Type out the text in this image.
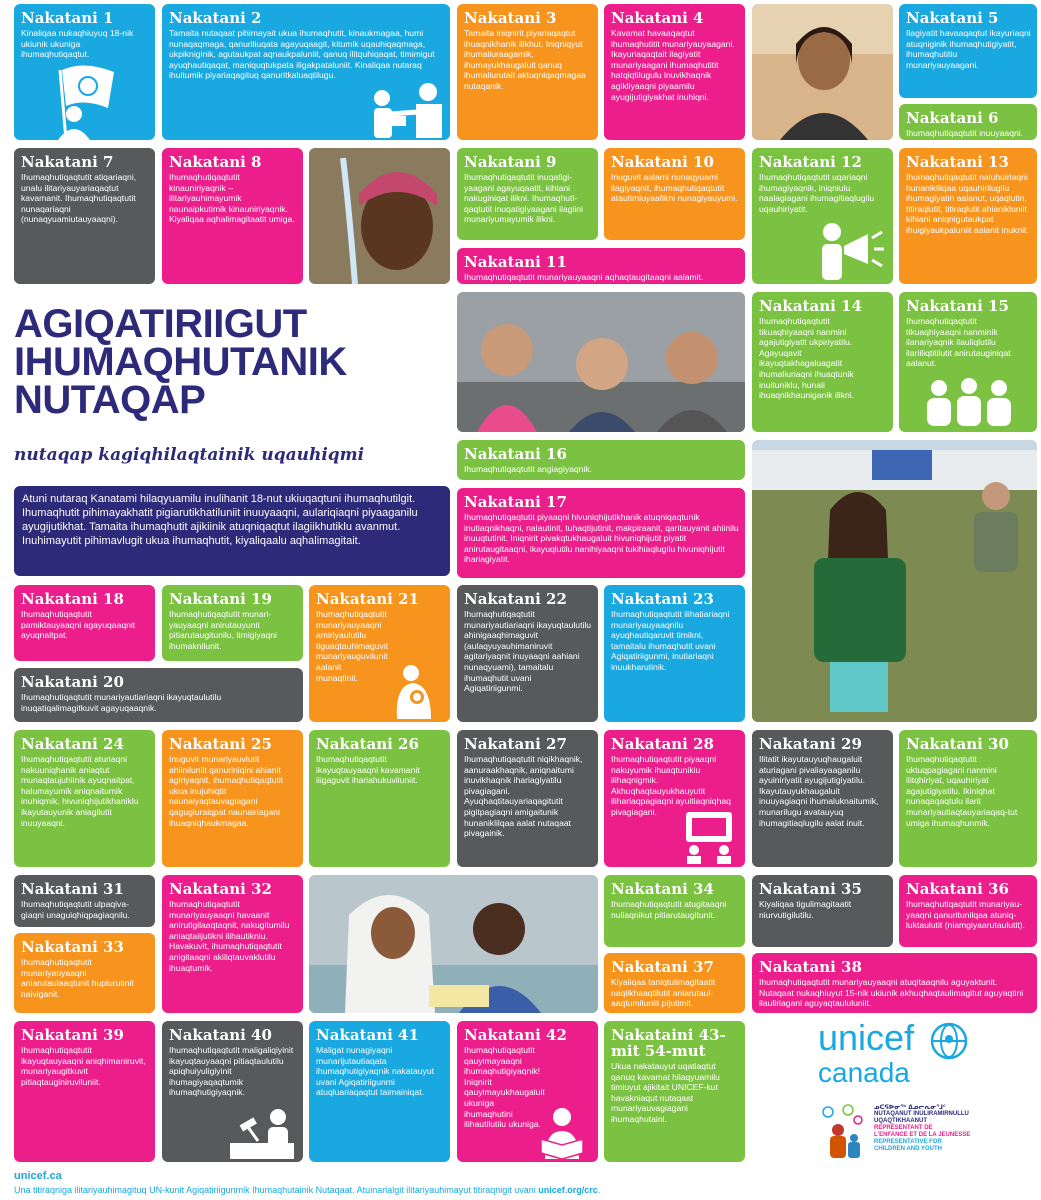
Nakatani 1

Kinaliqaa nukaqhiuyuq 18-nik ukiunik ukuniga ihumaqhutiqaqtut.

Nakatani 2

Tamaita nutaqaat pihimayait ukua ihumaqhutit, kinaukmagaa, humi nunaqaqmaga, qanuriliuqata agayuqaagit, kitumik uqauhiqaqmaga, ukpikniginik, agutaukpat aqnaukpaluniit, qanuq ilitquhiqaqat, timimigut ayuqhautiqaqat, maniquqtukpata iligakpataluniit. Kinaliqaa nutaraq ihuitumik piyariaqagituq qanuritkaluaqtilugu.

Nakatani 3

Tamaita iniqnirit piyariaqaqtut ihuaqnikhanik ilikhut. Iniqniqyut ihumaliuraagamik, ihumayukhaugaluit qanuq ihumaliurutait aktuqniqaqmagaa nutaqanik.

Nakatani 4

Kavamat havaaqaqtut ihumaqhutitit munariyauyaagani. Ikayuriaqaqtait ilagiyatit munariyaagani ihumaqhutitit hatqiqtilugulu inuvikhaqnik agikliyaaqni piyaamilu ayugijutigiyakhat inuhiqni.

Nakatani 5

Ilagiyatit havaaqaqtut ikayuriaqni atuqniginik ihumaqhutigiyatit, ihumaqhutitiu munariyauyaagani.

Nakatani 6

Ihumaqhutiqaqtutit inuuyaaqni.

Nakatani 7

Ihumaqhutiqaqtutit atiqariaqni, unalu ilitariyauyariaqaqtut kavamanit. Ihumaqhutiqaqtutit nunaqariaqni (nunaqyuamiutauyaaqni).

Nakatani 8

Ihumaqhutiqaqtutit kinauniriyaqnik – ilitariyauhimayumik naunaipkutimik kinauniriyaqnik. Kiyaliqaa aqhalimagitaatit umiga.

Nakatani 9

Ihumaqhutiqaqtutit inuqatigi-yaagani agayuqaatit, kihiani nakuginiqat ilikni. Ihumaqhuti-qaqtutit inuqatigiyaagani ilagiini munariyumayumik ilikni.

Nakatani 10

Inuguvit aalami nunaqyuami ilagiyaqnit, ihumaqhutiqaqtutit atautimiuyaafikni nunagiyauyumi.

Nakatani 11

Ihumaqhutiqaqtutit munariyauyaaqni aqhaqtaugitaaqni aalamit.

Nakatani 12

Ihumaqhutiqaqtutit uqariaqni ihumagiyaqnik, iniqniulu naalagiagani ihumagitiaqlugilu uqauhiriyatit.

Nakatani 13

Ihumaqhutiqaqtutit naluhuiriaqni hunaniklilqaa uqauhirilugilu ihumagiyatin aalanut, uqaqlutin, titiraqlutit, titiraqlutit ahianikluniit kihiani aniqnigutaukpat ihuigiyaukpaluniit aalanit inuknit.

AGIQATIRIIGUT
IHUMAQHUTANIK
NUTAQAP
nutaqap kagiqhilaqtainik uqauhiqmi
Nakatani 14

Ihumaqhutiqaqtutit tikuaqhiyaaqni nanmini agajutigiyatit ukpiriyatilu. Agayuqavit ikayuqtakhagaluagatit ihumaliuriaqni ihuaqtunik inuituniklu, hunali ihuaqnikhauniganik ilikni.

Nakatani 15

Ihumaqhutiqaqtutit tikuaqhiyaaqni nanminik ilanariyaqnik ilauliqlutilu ilariiliqtitilutit anirutauginiqat aalanut.

Nakatani 16

Ihumaqhutiqaqtutit angiagiyaqnik.

Atuni nutaraq Kanatami hilaqyuamilu inulihanit 18-nut ukiuqaqtuni ihumaqhutilgit. Ihumaqhutit pihimayakhatit pigiarutikhatiluniit inuuyaaqni, aulariqiaqni piyaaganilu ayugijutikhat. Tamaita ihumaqhutit ajikiinik atuqniqaqtut ilagiikhutiklu avanmut. Inuhimayutit pihimavlugit ukua ihumaqhutit, kiyaliqaalu aqhalimagitait.
Nakatani 17

Ihumaqhutiqaqtutit piyaaqni hivuniqhijutikhanik atuqniqaqtunik inutiaqnikhaqni, nalautinit, tuhaqtijutinit, makpiraanit, qaritauyanit ahiinilu inuuqtutinit. Iniqnirit pivakqtukhaugaluit hivuniqhijutit piyatit anirutaugitaaqni, ikayuqlutilu nanihiyaaqni tukihiaqlugilu hivuniqhijutit ihariagiyatit.

Nakatani 18

Ihumaqhutiqaqtutit pamiktauyaaqni agayuqaaqnit ayuqnaitpat.

Nakatani 19

Ihumaqhutiqaqtutit munari-yauyaaqni anirutauyunit pitiarutaugitunilu, timigiyaqni ihumaknilunit.

Nakatani 20

Ihumaqhutiqaqtutit munariyautiariaqni ikayuqtaulutilu inuqatiqalimagitkuvit agayuqaaqnik.

Nakatani 21

Ihumaqhutiqaqtutit munariyauyaaqni amiriyaulutilu tiguaqtauhimaguvit munariyauguvilunit aalanit munaqtinit.

Nakatani 22

Ihumaqhutiqaqtutit munariyautiariaqni ikayuqtaulutilu ahinigaaqhimaguvit (aulaqyuyauhimaniruvit agitariyaqnit inuyaaqni aahiani nunaqyuami), tamaitalu ihumaqhutit uvani Agiqatiriigunmi.

Nakatani 23

Ihumaqhutiqaqtutit ilihatiariaqni munariyauyaaqnilu ayuqhautiqaruvit timikni, tamaitalu ihumaqhutit uvani Agiqatiriigunmi, inutiariaqni inuukharutinik.

Nakatani 24

Ihumaqhutiqaqtutit aturiaqni nakuuniqhanik aniaqtut munaqtaujuhiinik ayuqnaitpat, halumayumik aniqnaitumik inuhiqmik, hivuniqhijutikhaniklu ikayutauyunik aniagilutit inuuyaaqni.

Nakatani 25

Inuguvit munariyauvlutit ahiiniluniit qanuriniqini ahianit agiriyaqnit, ihumaqhutiqaqtutit ukua inujuhiqtit naunaiyaqtauvagiagani qagugiuraiqpat naunairiagani ihuaqniqhaukmagaa.

Nakatani 26

Ihumaqhutiqaqtutit ikayuqtauyaaqni kavamanit iligaguvit ihariahukuviluniit.

Nakatani 27

Ihumaqhutiqaqtutit niqikhaqnik, aanuraakhaqnik, aniqnaitumi inuvikhaqnik ihariagiyatilu pivagiagani. Ayuqhaqtitauyariaqagitutit pigitpagiaqni amigaitunik hunaniklilqaa aalat nutaqaat pivagainik.

Nakatani 28

Ihumaqhutiqaqtutit piyaaqni nakuyumik ihuaqtunikiu ilihaqnigmik. Akhuqhaqtauyukhauyutit ilihariaqpagiaqni ayuitiaqniqhaq pivagiagani.

Nakatani 29

Ilitatit ikayutauyuqhaugaluit aturiagani pivaliayaaganilu ayuiniriyatit ayugijutigiyatilu. Ikayutauyukhaugaluit inuuyagiaqni ihumaluknaitumik, munarilugu avatauyuq ihumagitiaqlugilu aalat inuit.

Nakatani 30

Ihumaqhutiqaqtutit uktuqpagiagani nanmini ilitqhiriyat, uqauhiriyat agajutigiyatilu. Ikiniqhat nunaqaqaqtulu ilarit munariyautiaqtauyariaqaq-tut umiga ihumaqhunmik.

Nakatani 31

Ihumaqhutiqaqtutit ulpaqiva-giaqni unaguiqhiqpagiaqnilu.

Nakatani 33

Ihumaqhutiqaqtutit munariyauyaaqni aniarutaulaaqtunit huplurutinit naiviganit.

Nakatani 32

Ihumaqhutiqaqtutit munariyauyaaqni havaanit anirutigilaaqtaqnit, nakugitumilu aniaqtaiijutikni ilihautikniu. Havakuvit, ihumaqhutiqaqtutit anigitaaqni akiliqtauvaklutilu ihuaqtumik.

Nakatani 34

Ihumaqhutiqaqtutit atugitaaqni nuliaqnikut pitiarutaugitunit.

Nakatani 35

Kiyaliqaa tigulimagitaatit niurvutigilutilu.

Nakatani 36

Ihumaqhutiqaqtutit munariyau-yaaqni qanuritunilqaa atuniq-luktaulutit (niamgiyaarutaulutit).

Nakatani 37

Kiyaliqaa taniqtulimagitaatit naqlikhaaqtilutit aniarutaul-aaqtumiluniit pijutimit.

Nakatani 38

Ihumaqhutiqaqtutit munariyauyaaqni atuqitaaqnilu aguyaktunit. Nutaqaat nukaqhiuyut 15-nik ukiunik akhuqhaqtaulimagitut aguyaqtini ilauliriagani aguyaqtaululuniit.

Nakatani 39

Ihumaqhutiqaqtutit ikayuqtauyaaqni aniqhimaniruvit, munariyaugitkuvit pitiaqtauginiruviluniit.

Nakatani 40

Ihumaqhutiqaqtutit maligaliqiyinit ikayuqtauyaaqni pitiaqtaulutilu apiqhuiyuligiyinit ihumagiyaqaqtumik ihumaqhutigiyaqnik.

Nakatani 41

Maligat nunagiyaqni munarijutautiaqata ihumaqhutigiyaqnik nakatauyut uvani Agiqatiriigunmi atuqluariaqaqtut taimainiqat.

Nakatani 42

Ihumaqhutiqaqtutit qauyimayaaqni ihumaqhutigiyaqnik! Iniqnirit qauyimayukhaugaluit ukuniga ihumaqhutini ilihautilutilu ukuniga.

Nakataini 43-mit 54-mut

Ukua nakatauyut uqatiaqtut qanuq kavamat hilaqyuamilu timiuyut ajikitait UNICEF-kut havakniaqut nutaqaat munariyauvagiagani ihumaqhutaini.

unicef
canada
ᓄᑕᕋᐅᓂᖅ ᐃᓄᓕᕆᓂᕐᒧᑦ
NUTAQANUT INULIRAMIRNULLU
UQAQTIKHAANUT
REPRÉSENTANT DE
L'ENFANCE ET DE LA JEUNESSE
REPRESENTATIVE FOR
CHILDREN AND YOUTH
unicef.ca
Una titiraqniga ilitariyauhimagituq UN-kunit Agiqatiriigunmik Ihumaqhutainik Nutaqaat. Atuinarialgit ilitariyauhimayut titiraqnigit uvani unicef.org/crc.
